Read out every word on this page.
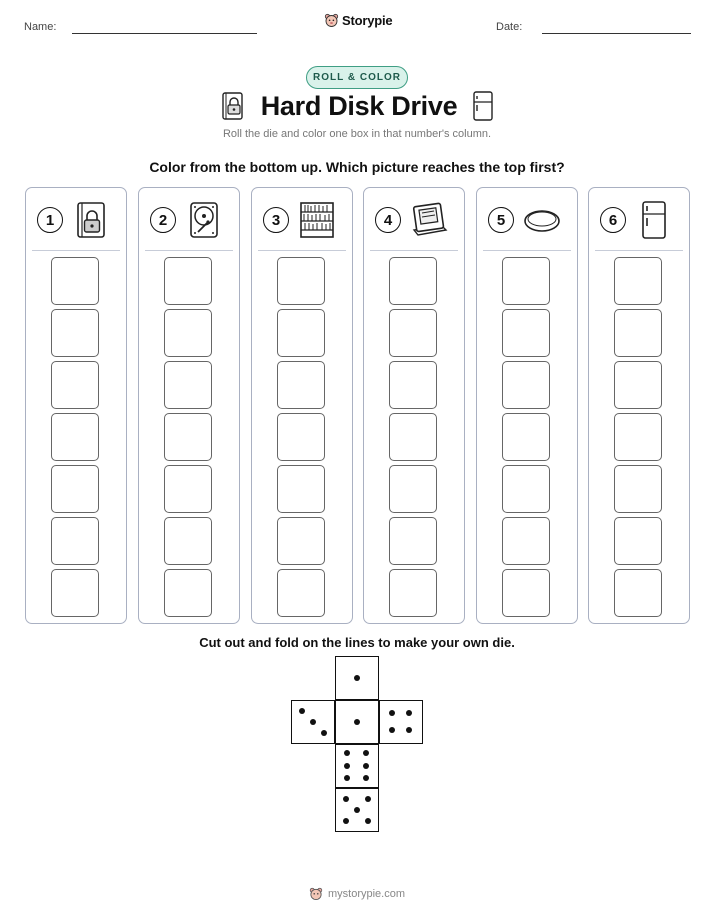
Name:	Storypie	Date:
ROLL & COLOR
Hard Disk Drive
Roll the die and color one box in that number's column.
Color from the bottom up. Which picture reaches the top first?
1	2	3	4	5	6
Cut out and fold on the lines to make your own die.
mystorypie.com
